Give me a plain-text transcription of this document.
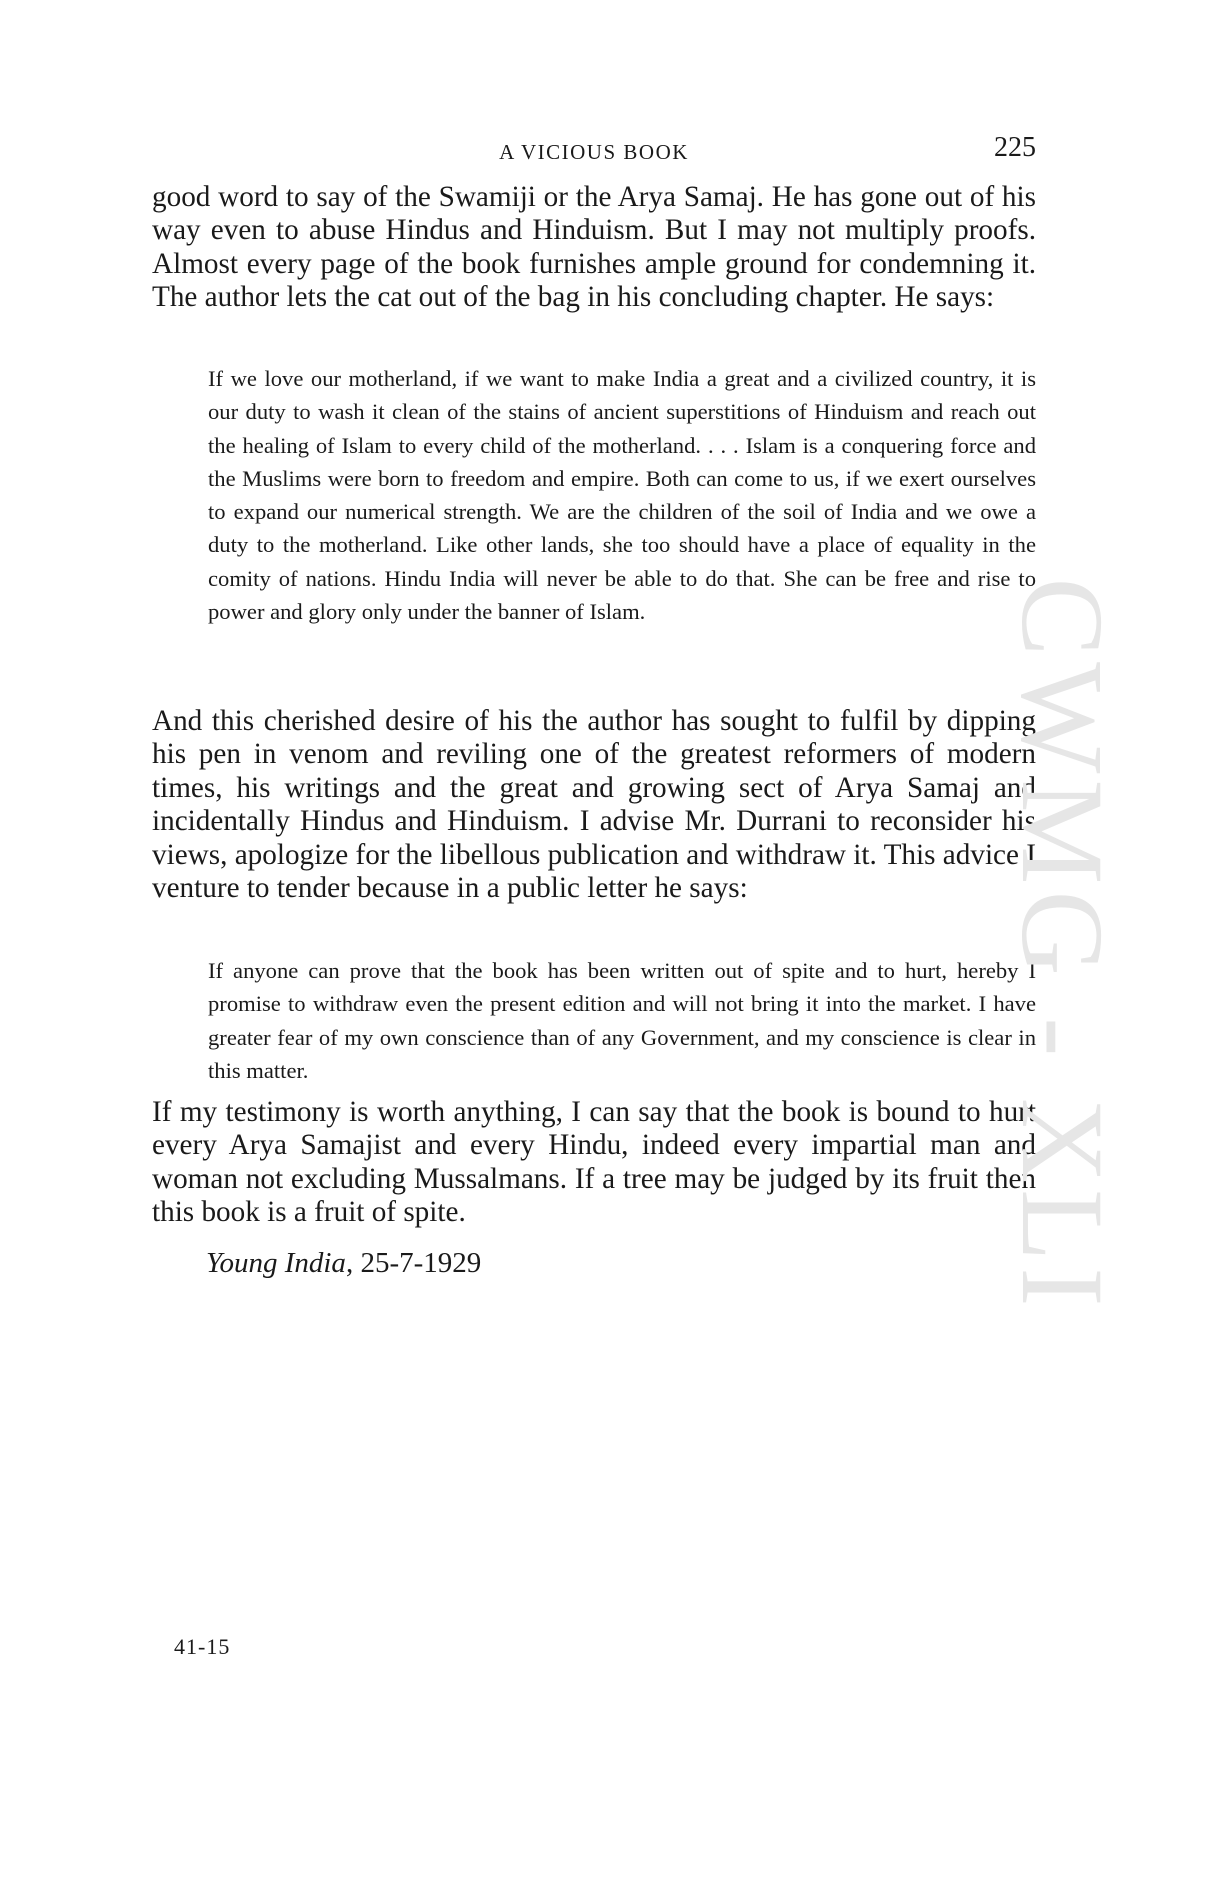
A VICIOUS BOOK	225

good word to say of the Swamiji or the Arya Samaj. He has gone out of his way even to abuse Hindus and Hinduism. But I may not multiply proofs. Almost every page of the book furnishes ample ground for condemning it. The author lets the cat out of the bag in his concluding chapter. He says:

If we love our motherland, if we want to make India a great and a civilized country, it is our duty to wash it clean of the stains of ancient superstitions of Hinduism and reach out the healing of Islam to every child of the motherland. . . . Islam is a conquering force and the Muslims were born to freedom and empire. Both can come to us, if we exert ourselves to expand our numerical strength. We are the children of the soil of India and we owe a duty to the motherland. Like other lands, she too should have a place of equality in the comity of nations. Hindu India will never be able to do that. She can be free and rise to power and glory only under the banner of Islam.

And this cherished desire of his the author has sought to fulfil by dipping his pen in venom and reviling one of the greatest reformers of modern times, his writings and the great and growing sect of Arya Samaj and incidentally Hindus and Hinduism. I advise Mr. Durrani to reconsider his views, apologize for the libellous publication and withdraw it. This advice I venture to tender because in a public letter he says:

If anyone can prove that the book has been written out of spite and to hurt, hereby I promise to withdraw even the present edition and will not bring it into the market. I have greater fear of my own conscience than of any Government, and my conscience is clear in this matter.

If my testimony is worth anything, I can say that the book is bound to hurt every Arya Samajist and every Hindu, indeed every impartial man and woman not excluding Mussalmans. If a tree may be judged by its fruit then this book is a fruit of spite.

Young India, 25-7-1929
41-15
CWMG - XLI
